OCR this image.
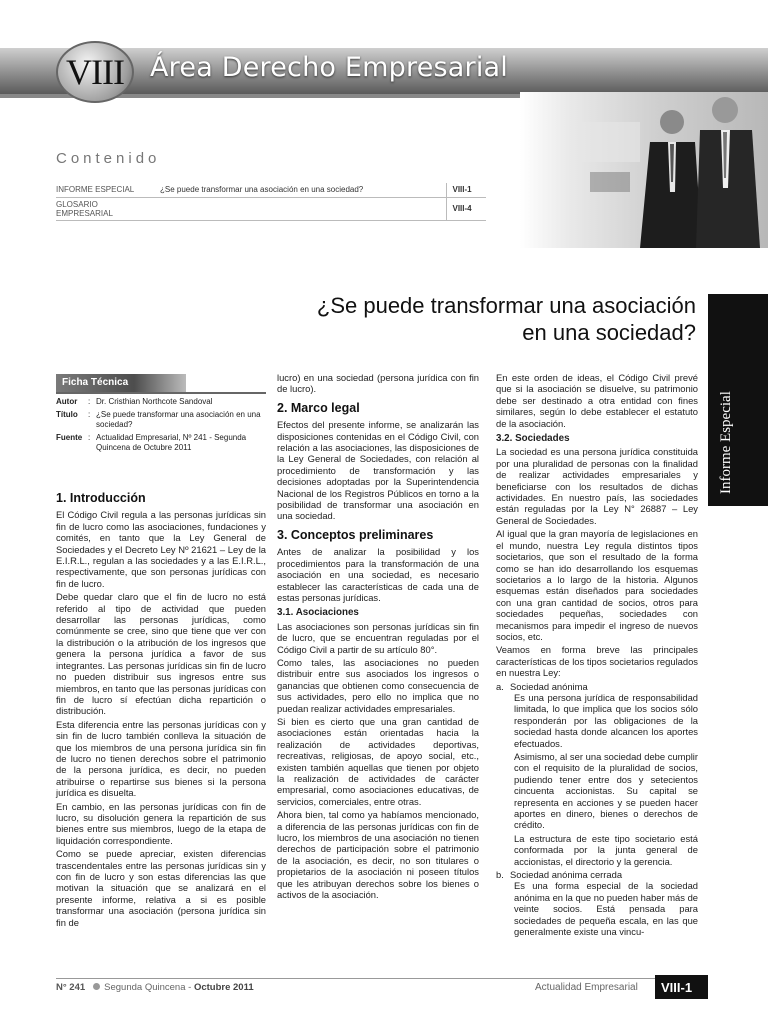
VIII Área Derecho Empresarial
Contenido
INFORME ESPECIAL	¿Se puede transformar una asociación en una sociedad?	VIII-1
GLOSARIO EMPRESARIAL		VIII-4
Informe Especial
¿Se puede transformar una asociación
en una sociedad?
Ficha Técnica
Autor	: Dr. Cristhian Northcote Sandoval
Título	: ¿Se puede transformar una asociación en una sociedad?
Fuente : Actualidad Empresarial, Nº 241 - Segunda Quincena de Octubre 2011
1. Introducción

El Código Civil regula a las personas jurídicas sin fin de lucro como las asociaciones, fundaciones y comités, en tanto que la Ley General de Sociedades y el Decreto Ley Nº 21621 – Ley de la E.I.R.L., regulan a las sociedades y a las E.I.R.L., respectivamente, que son personas jurídicas con fin de lucro.

Debe quedar claro que el fin de lucro no está referido al tipo de actividad que pueden desarrollar las personas jurídicas, como comúnmente se cree, sino que tiene que ver con la distribución o la atribución de los ingresos que genera la persona jurídica a favor de sus integrantes. Las personas jurídicas sin fin de lucro no pueden distribuir sus ingresos entre sus miembros, en tanto que las personas jurídicas con fin de lucro sí efectúan dicha repartición o distribución.

Esta diferencia entre las personas jurídicas con y sin fin de lucro también conlleva la situación de que los miembros de una persona jurídica sin fin de lucro no tienen derechos sobre el patrimonio de la persona jurídica, es decir, no pueden atribuirse o repartirse sus bienes si la persona jurídica es disuelta.

En cambio, en las personas jurídicas con fin de lucro, su disolución genera la repartición de sus bienes entre sus miembros, luego de la etapa de liquidación correspondiente.

Como se puede apreciar, existen diferencias trascendentales entre las personas jurídicas sin y con fin de lucro y son estas diferencias las que motivan la situación que se analizará en el presente informe, relativa a si es posible transformar una asociación (persona jurídica sin fin de

lucro) en una sociedad (persona jurídica con fin de lucro).

2. Marco legal

Efectos del presente informe, se analizarán las disposiciones contenidas en el Código Civil, con relación a las asociaciones, las disposiciones de la Ley General de Sociedades, con relación al procedimiento de transformación y las decisiones adoptadas por la Superintendencia Nacional de los Registros Públicos en torno a la posibilidad de transformar una asociación en una sociedad.

3. Conceptos preliminares

Antes de analizar la posibilidad y los procedimientos para la transformación de una asociación en una sociedad, es necesario establecer las características de cada una de estas personas jurídicas.

3.1. Asociaciones

Las asociaciones son personas jurídicas sin fin de lucro, que se encuentran reguladas por el Código Civil a partir de su artículo 80°.

Como tales, las asociaciones no pueden distribuir entre sus asociados los ingresos o ganancias que obtienen como consecuencia de sus actividades, pero ello no implica que no puedan realizar actividades empresariales.

Si bien es cierto que una gran cantidad de asociaciones están orientadas hacia la realización de actividades deportivas, recreativas, religiosas, de apoyo social, etc., existen también aquellas que tienen por objeto la realización de actividades de carácter empresarial, como asociaciones educativas, de servicios, comerciales, entre otras.

Ahora bien, tal como ya habíamos mencionado, a diferencia de las personas jurídicas con fin de lucro, los miembros de una asociación no tienen derechos de participación sobre el patrimonio de la asociación, es decir, no son titulares o propietarios de la asociación ni poseen títulos que les atribuyan derechos sobre los bienes o activos de la asociación.

En este orden de ideas, el Código Civil prevé que si la asociación se disuelve, su patrimonio debe ser destinado a otra entidad con fines similares, según lo debe establecer el estatuto de la asociación.

3.2. Sociedades

La sociedad es una persona jurídica constituida por una pluralidad de personas con la finalidad de realizar actividades empresariales y beneficiarse con los resultados de dichas actividades. En nuestro país, las sociedades están reguladas por la Ley N° 26887 – Ley General de Sociedades.

Al igual que la gran mayoría de legislaciones en el mundo, nuestra Ley regula distintos tipos societarios, que son el resultado de la forma como se han ido desarrollando los esquemas societarios a lo largo de la historia. Algunos esquemas están diseñados para sociedades con una gran cantidad de socios, otros para sociedades pequeñas, sociedades con mecanismos para impedir el ingreso de nuevos socios, etc.

Veamos en forma breve las principales características de los tipos societarios regulados en nuestra Ley:

a. Sociedad anónima

Es una persona jurídica de responsabilidad limitada, lo que implica que los socios sólo responderán por las obligaciones de la sociedad hasta donde alcancen los aportes efectuados.

Asimismo, al ser una sociedad debe cumplir con el requisito de la pluralidad de socios, pudiendo tener entre dos y setecientos cincuenta accionistas. Su capital se representa en acciones y se pueden hacer aportes en dinero, bienes o derechos de crédito.

La estructura de este tipo societario está conformada por la junta general de accionistas, el directorio y la gerencia.

b. Sociedad anónima cerrada

Es una forma especial de la sociedad anónima en la que no pueden haber más de veinte socios. Está pensada para sociedades de pequeña escala, en las que generalmente existe una vincu-

N° 241 Segunda Quincena - Octubre 2011	Actualidad Empresarial	VIII-1
